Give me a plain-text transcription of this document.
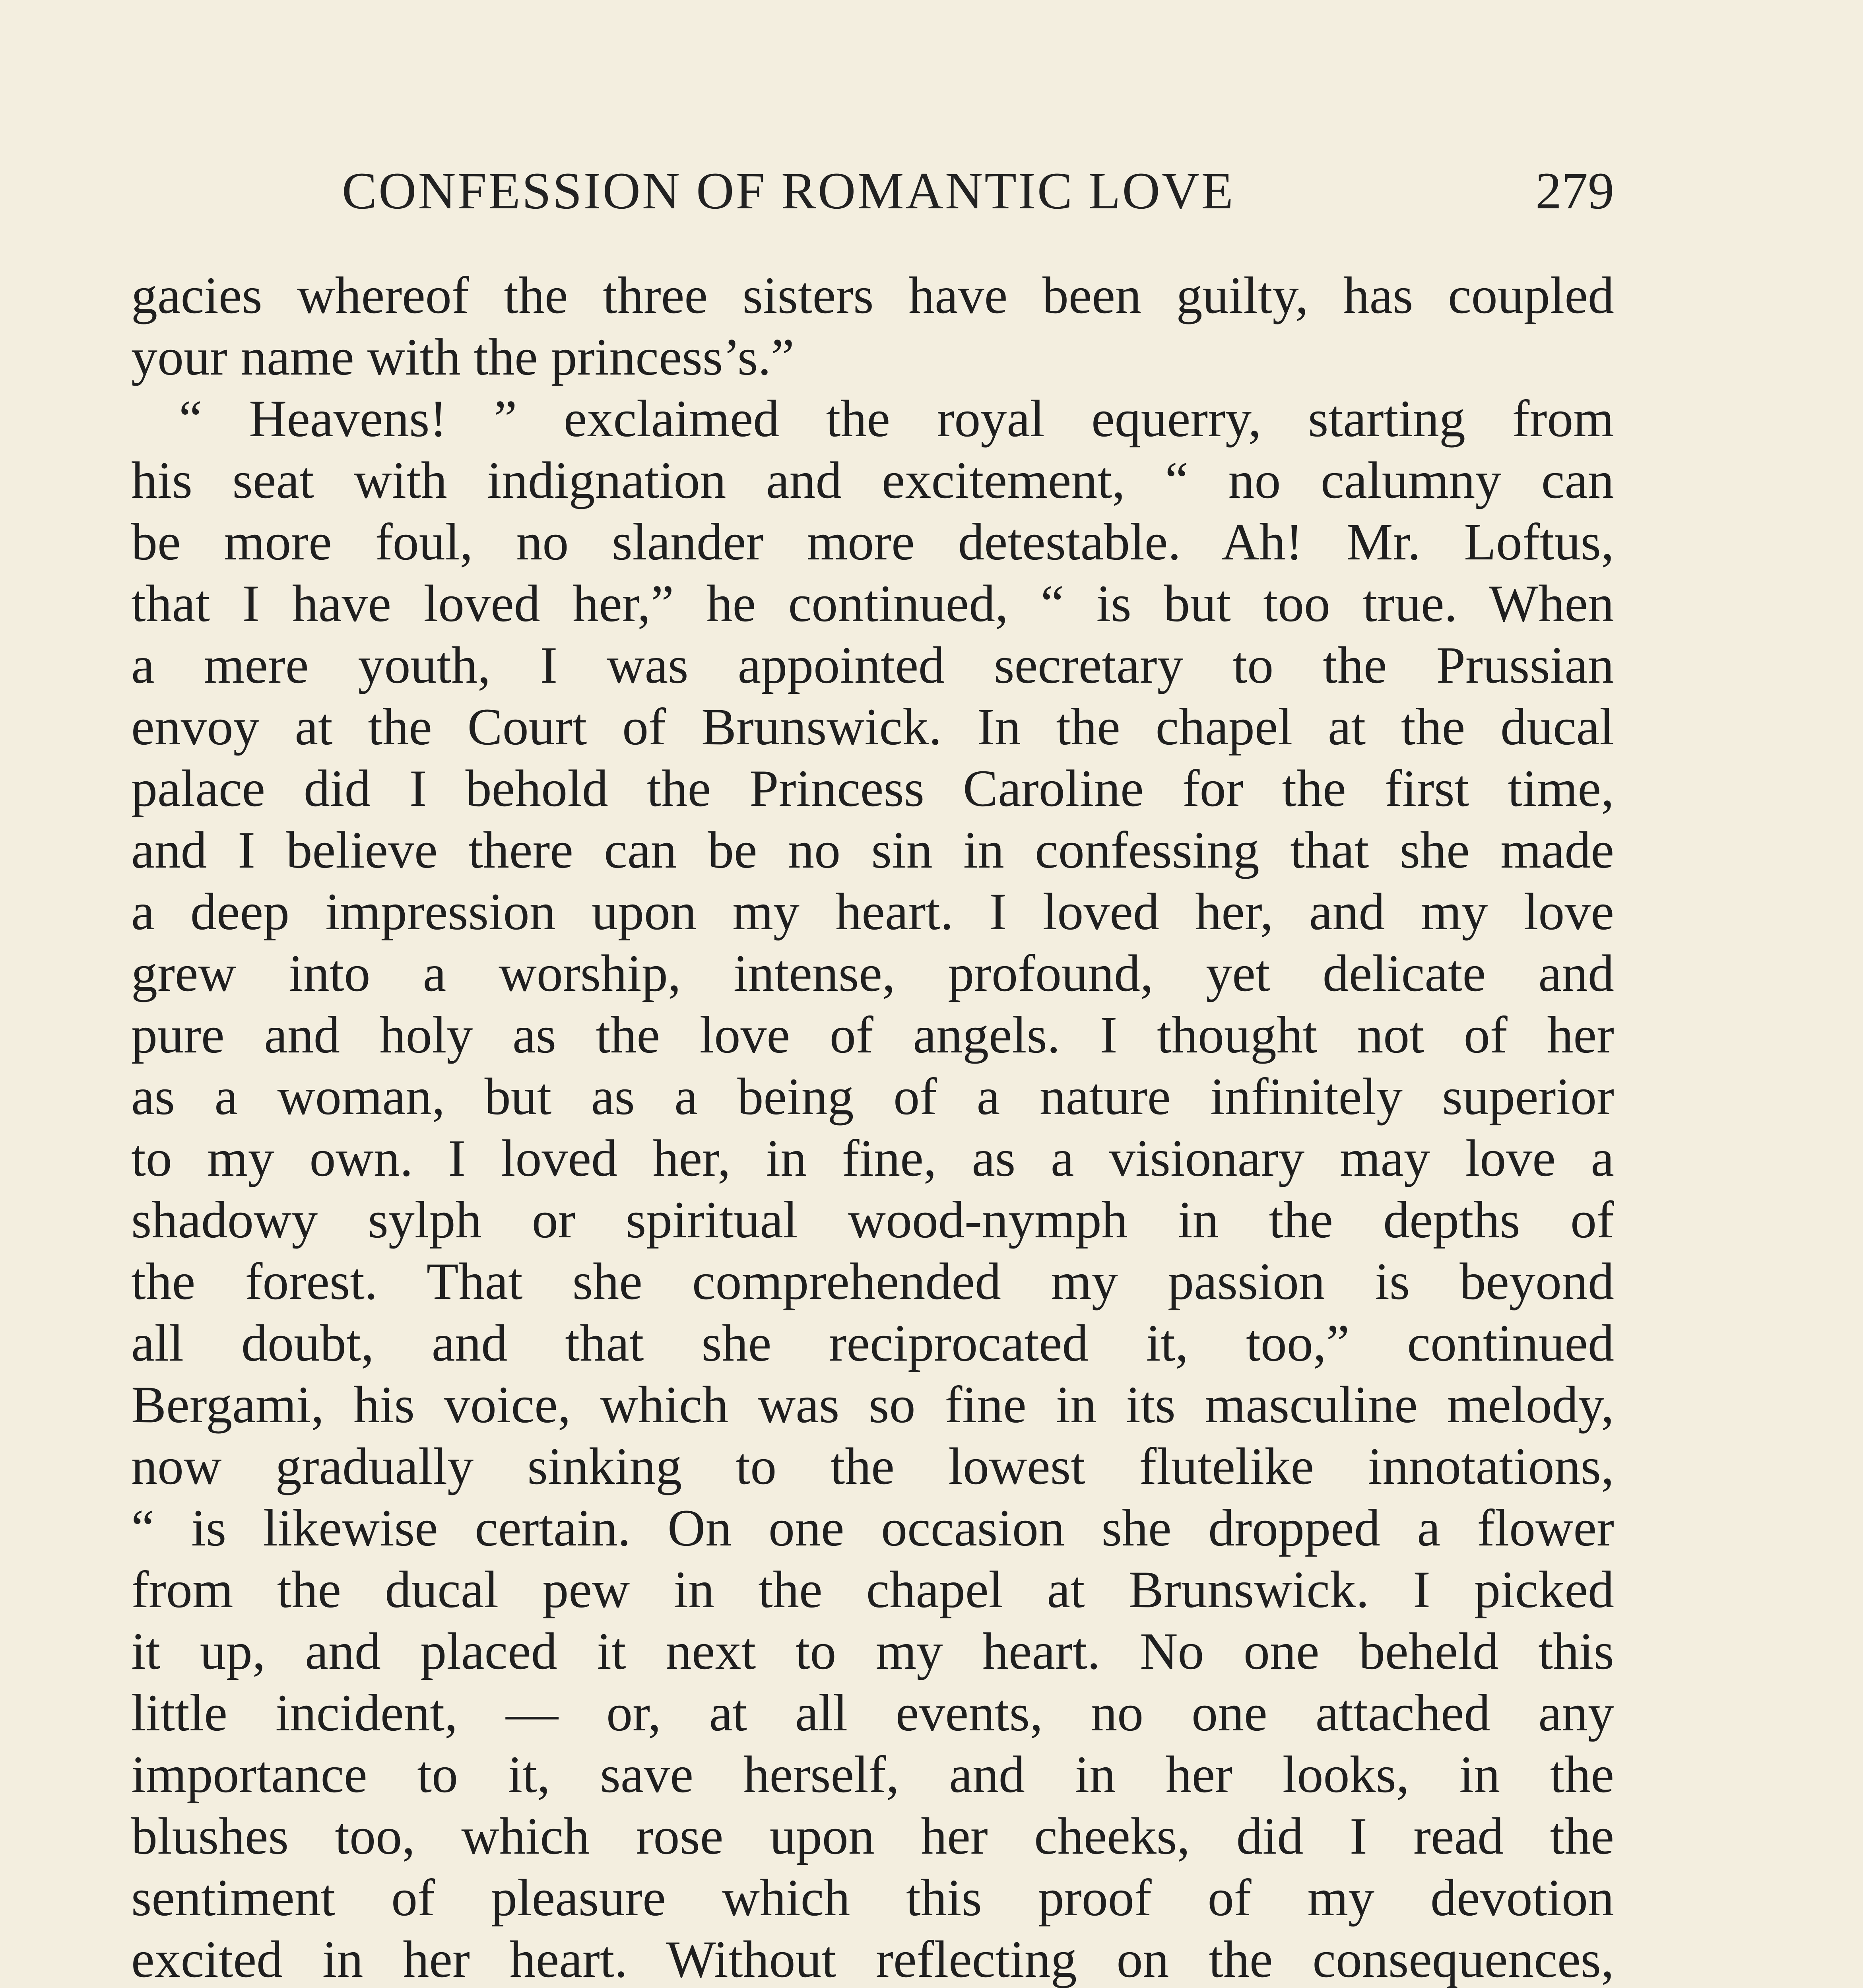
CONFESSION OF ROMANTIC LOVE	279
gacies whereof the three sisters have been guilty, has coupled
your name with the princess’s.”
“ Heavens! ” exclaimed the royal equerry, starting from
his seat with indignation and excitement, “ no calumny can
be more foul, no slander more detestable. Ah! Mr. Loftus,
that I have loved her,” he continued, “ is but too true. When
a mere youth, I was appointed secretary to the Prussian
envoy at the Court of Brunswick. In the chapel at the ducal
palace did I behold the Princess Caroline for the first time,
and I believe there can be no sin in confessing that she made
a deep impression upon my heart. I loved her, and my love
grew into a worship, intense, profound, yet delicate and
pure and holy as the love of angels. I thought not of her
as a woman, but as a being of a nature infinitely superior
to my own. I loved her, in fine, as a visionary may love a
shadowy sylph or spiritual wood-nymph in the depths of
the forest. That she comprehended my passion is beyond
all doubt, and that she reciprocated it, too,” continued
Bergami, his voice, which was so fine in its masculine melody,
now gradually sinking to the lowest flutelike innotations,
“ is likewise certain. On one occasion she dropped a flower
from the ducal pew in the chapel at Brunswick. I picked
it up, and placed it next to my heart. No one beheld this
little incident, — or, at all events, no one attached any
importance to it, save herself, and in her looks, in the
blushes too, which rose upon her cheeks, did I read the
sentiment of pleasure which this proof of my devotion
excited in her heart. Without reflecting on the consequences,
